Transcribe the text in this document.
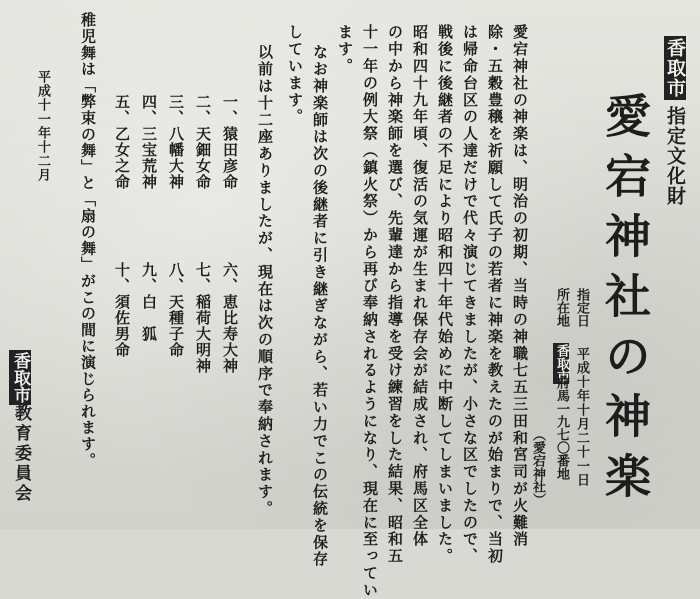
香取市
指定文化財
愛宕神社の神楽
指定日
平成十年十月二十一日
所在地
香取市
府馬一九七〇番地
（愛宕神社）
愛宕神社の神楽は、明治の初期、当時の神職七五三田和宮司が火難消
除・五穀豊穣を祈願して氏子の若者に神楽を教えたのが始まりで、当初
は帰命台区の人達だけで代々演じてきましたが、小さな区でしたので、
戦後に後継者の不足により昭和四十年代始めに中断してしまいました。
昭和四十九年頃、復活の気運が生まれ保存会が結成され、府馬区全体
の中から神楽師を選び、先輩達から指導を受け練習をした結果、昭和五
十一年の例大祭（鎮火祭）から再び奉納されるようになり、現在に至ってい
ます。
なお神楽師は次の後継者に引き継ぎながら、若い力でこの伝統を保存
しています。
以前は十二座ありましたが、現在は次の順序で奉納されます。
一、猿田彦命
二、天鈿女命
三、八幡大神
四、三宝荒神
五、乙女之命
六、恵比寿大神
七、稲荷大明神
八、天種子命
九、白　狐
十、須佐男命
稚児舞は「弊束の舞」と「扇の舞」がこの間に演じられます。
平成十一年十二月
香取市
教育委員会
